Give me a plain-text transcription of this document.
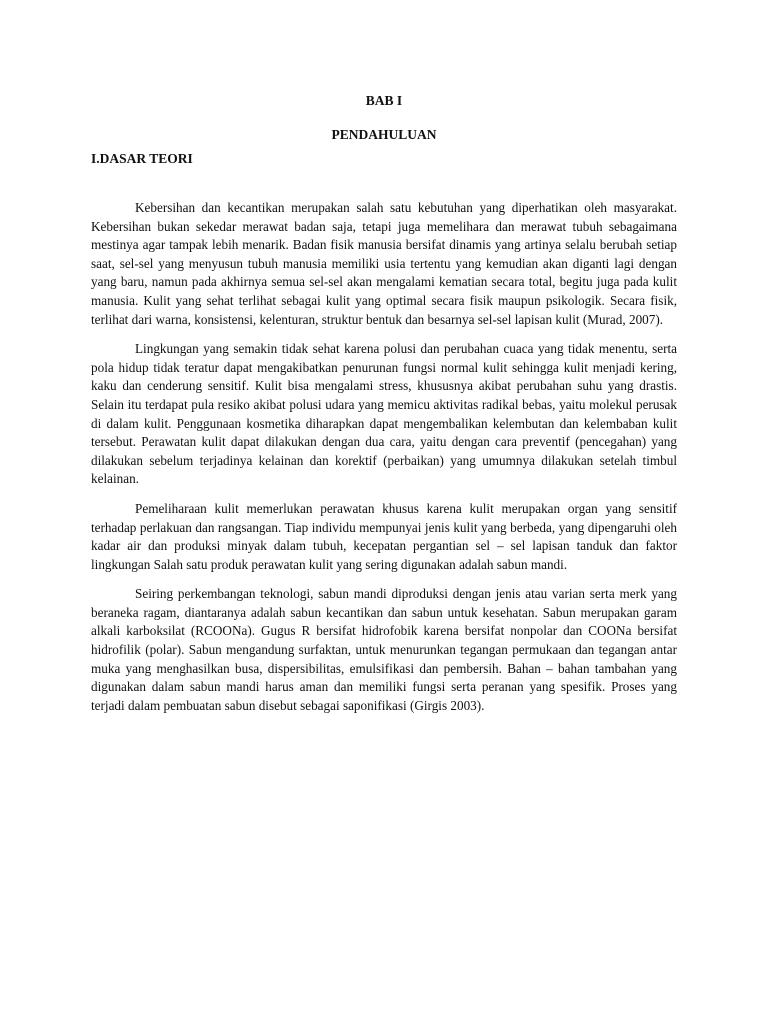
BAB I

PENDAHULUAN

I.DASAR TEORI

Kebersihan dan kecantikan merupakan salah satu kebutuhan yang diperhatikan oleh masyarakat. Kebersihan bukan sekedar merawat badan saja, tetapi juga memelihara dan merawat tubuh sebagaimana mestinya agar tampak lebih menarik. Badan fisik manusia bersifat dinamis yang artinya selalu berubah setiap saat, sel-sel yang menyusun tubuh manusia memiliki usia tertentu yang kemudian akan diganti lagi dengan yang baru, namun pada akhirnya semua sel-sel akan mengalami kematian secara total, begitu juga pada kulit manusia. Kulit yang sehat terlihat sebagai kulit yang optimal secara fisik maupun psikologik. Secara fisik, terlihat dari warna, konsistensi, kelenturan, struktur bentuk dan besarnya sel-sel lapisan kulit (Murad, 2007).

Lingkungan yang semakin tidak sehat karena polusi dan perubahan cuaca yang tidak menentu, serta pola hidup tidak teratur dapat mengakibatkan penurunan fungsi normal kulit sehingga kulit menjadi kering, kaku dan cenderung sensitif. Kulit bisa mengalami stress, khususnya akibat perubahan suhu yang drastis. Selain itu terdapat pula resiko akibat polusi udara yang memicu aktivitas radikal bebas, yaitu molekul perusak di dalam kulit. Penggunaan kosmetika diharapkan dapat mengembalikan kelembutan dan kelembaban kulit tersebut. Perawatan kulit dapat dilakukan dengan dua cara, yaitu dengan cara preventif (pencegahan) yang dilakukan sebelum terjadinya kelainan dan korektif (perbaikan) yang umumnya dilakukan setelah timbul kelainan.

Pemeliharaan kulit memerlukan perawatan khusus karena kulit merupakan organ yang sensitif terhadap perlakuan dan rangsangan. Tiap individu mempunyai jenis kulit yang berbeda, yang dipengaruhi oleh kadar air dan produksi minyak dalam tubuh, kecepatan pergantian sel – sel lapisan tanduk dan faktor lingkungan Salah satu produk perawatan kulit yang sering digunakan adalah sabun mandi.

Seiring perkembangan teknologi, sabun mandi diproduksi dengan jenis atau varian serta merk yang beraneka ragam, diantaranya adalah sabun kecantikan dan sabun untuk kesehatan. Sabun merupakan garam alkali karboksilat (RCOONa). Gugus R bersifat hidrofobik karena bersifat nonpolar dan COONa bersifat hidrofilik (polar). Sabun mengandung surfaktan, untuk menurunkan tegangan permukaan dan tegangan antar muka yang menghasilkan busa, dispersibilitas, emulsifikasi dan pembersih. Bahan – bahan tambahan yang digunakan dalam sabun mandi harus aman dan memiliki fungsi serta peranan yang spesifik. Proses yang terjadi dalam pembuatan sabun disebut sebagai saponifikasi (Girgis 2003).
